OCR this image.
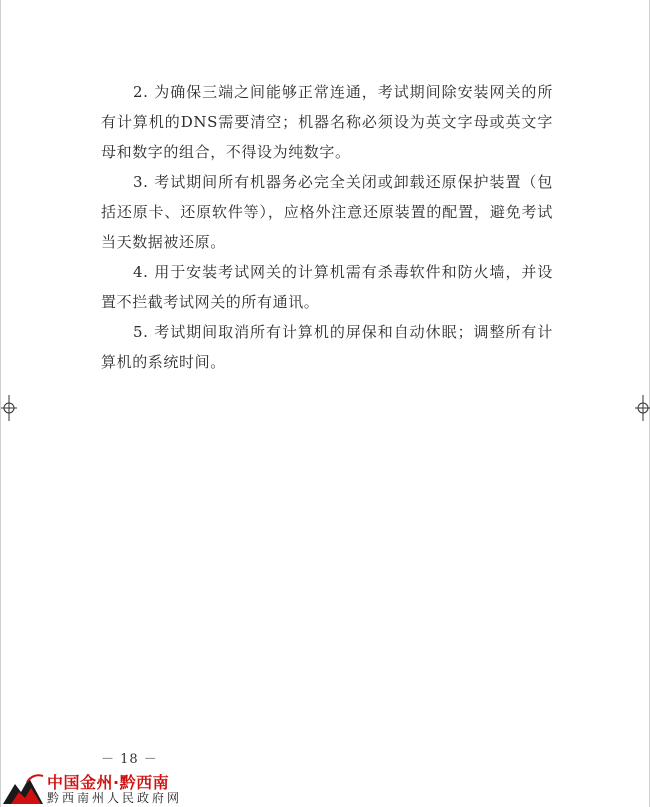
2. 为确保三端之间能够正常连通，考试期间除安装网关的所有计算机的DNS需要清空；机器名称必须设为英文字母或英文字母和数字的组合，不得设为纯数字。

3. 考试期间所有机器务必完全关闭或卸载还原保护装置（包括还原卡、还原软件等），应格外注意还原装置的配置，避免考试当天数据被还原。

4. 用于安装考试网关的计算机需有杀毒软件和防火墙，并设置不拦截考试网关的所有通讯。

5. 考试期间取消所有计算机的屏保和自动休眠；调整所有计算机的系统时间。

－ 18 －
中国金州·黔西南
黔西南州人民政府网
